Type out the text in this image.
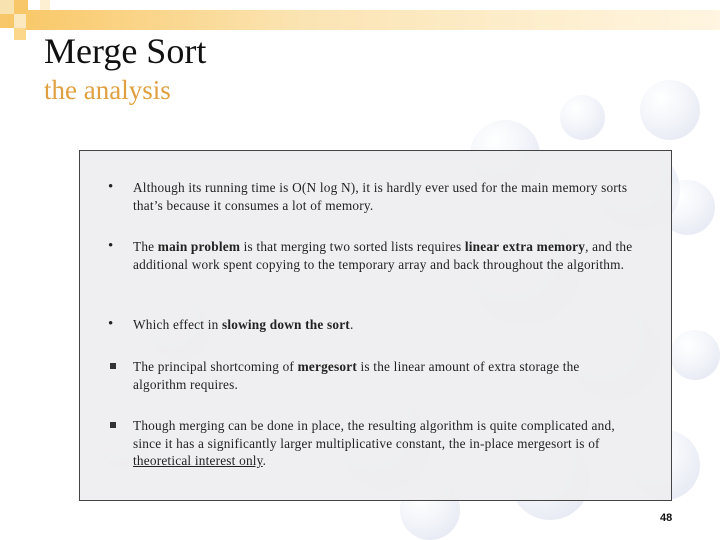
Merge Sort
the analysis
• Although its running time is O(N log N), it is hardly ever used for the main memory sorts that’s because it consumes a lot of memory.
• The main problem is that merging two sorted lists requires linear extra memory, and the additional work spent copying to the temporary array and back throughout the algorithm.
• Which effect in slowing down the sort.
The principal shortcoming of mergesort is the linear amount of extra storage the algorithm requires.
Though merging can be done in place, the resulting algorithm is quite complicated and, since it has a significantly larger multiplicative constant, the in-place mergesort is of theoretical interest only.
48
